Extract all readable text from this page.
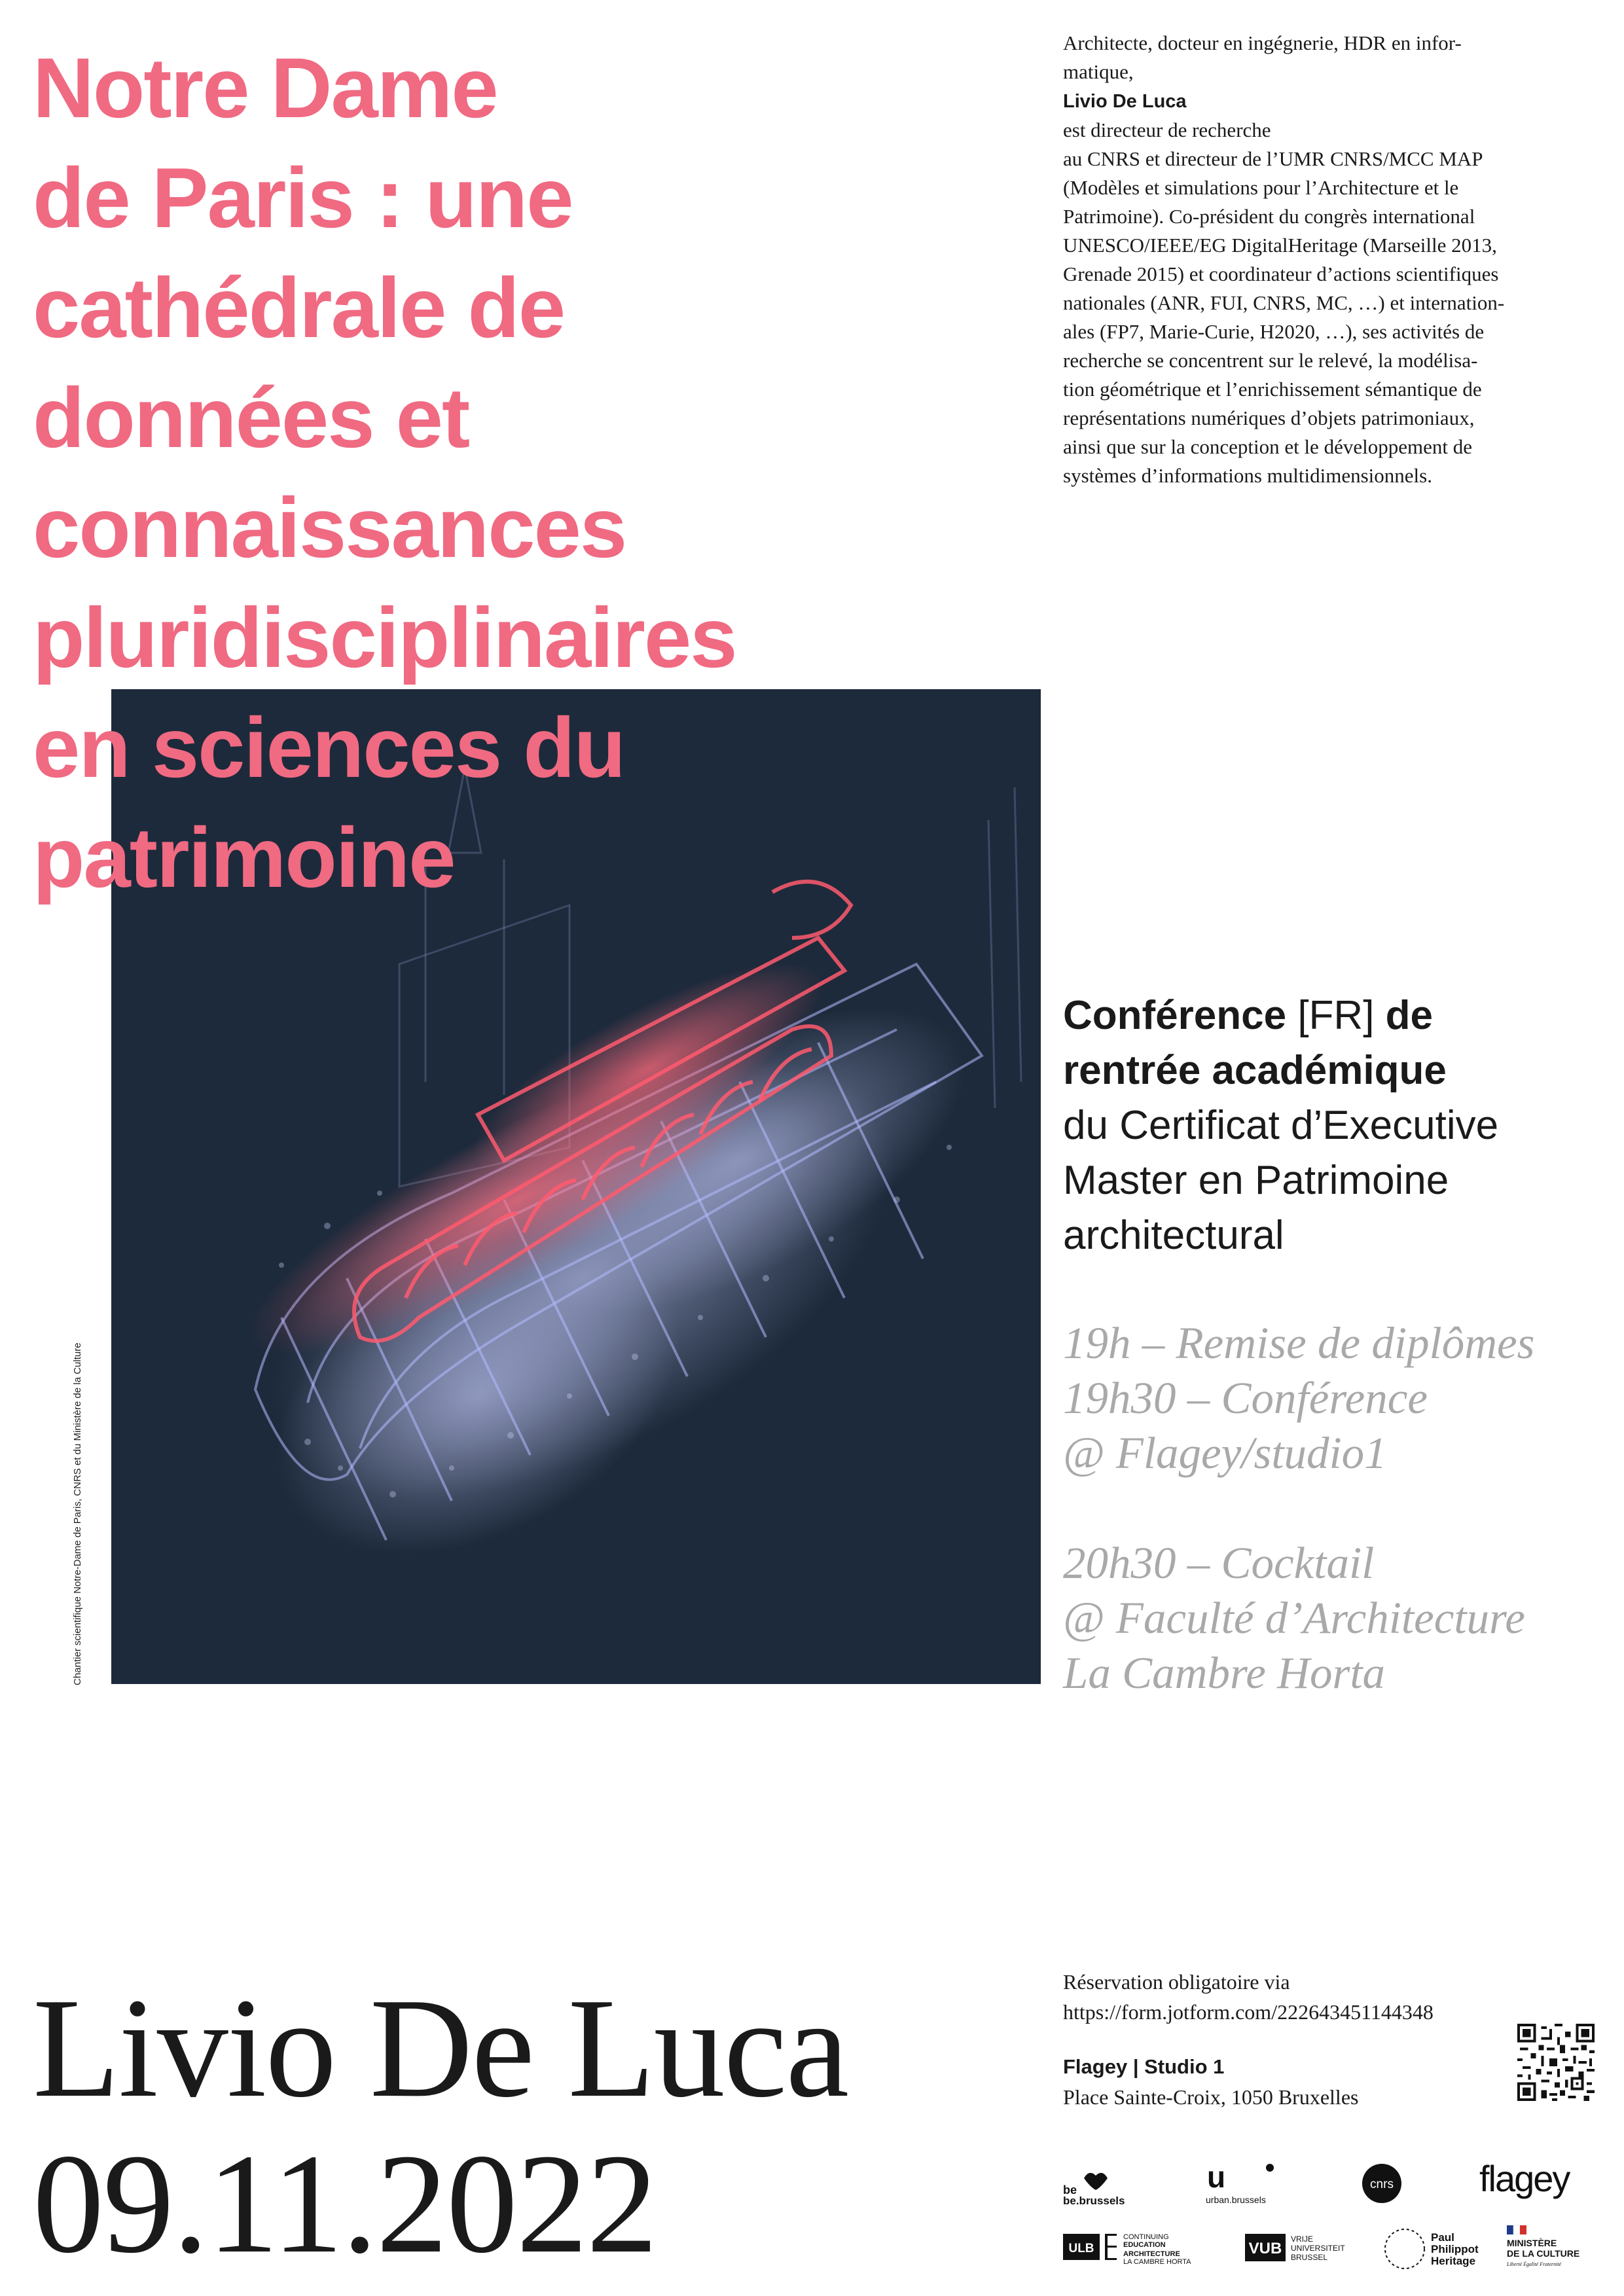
Chantier scientifique Notre-Dame de Paris, CNRS et du Ministère de la Culture
Notre Dame
de Paris : une
cathédrale de
données et
connaissances
pluridisciplinaires
en sciences du
patrimoine

Architecte, docteur en ingégnerie, HDR en infor-
matique,
Livio De Luca
est directeur de recherche
au CNRS et directeur de l’UMR CNRS/MCC MAP
(Modèles et simulations pour l’Architecture et le
Patrimoine). Co-président du congrès international
UNESCO/IEEE/EG DigitalHeritage (Marseille 2013,
Grenade 2015) et coordinateur d’actions scientifiques
nationales (ANR, FUI, CNRS, MC, …) et internation-
ales (FP7, Marie-Curie, H2020, …), ses activités de
recherche se concentrent sur le relevé, la modélisa-
tion géométrique et l’enrichissement sémantique de
représentations numériques d’objets patrimoniaux,
ainsi que sur la conception et le développement de
systèmes d’informations multidimensionnels.

Conférence [FR] de
rentrée académique
du Certificat d’Executive
Master en Patrimoine
architectural
19h – Remise de diplômes
19h30 – Conférence
@ Flagey/studio1
20h30 – Cocktail
@ Faculté d’Architecture
La Cambre Horta
Livio De Luca
09.11.2022
Réservation obligatoire via
https://form.jotform.com/222643451144348
Flagey | Studio 1
Place Sainte-Croix, 1050 Bruxelles
be
be.brussels
u
urban.brussels
cnrs flagey
ULB
CONTINUING
EDUCATION
ARCHITECTURE
LA CAMBRE HORTA
VUB
VRIJE
UNIVERSITEIT
BRUSSEL
Paul
Philippot
Heritage
MINISTÈRE
DE LA CULTURE
Liberté Égalité Fraternité
